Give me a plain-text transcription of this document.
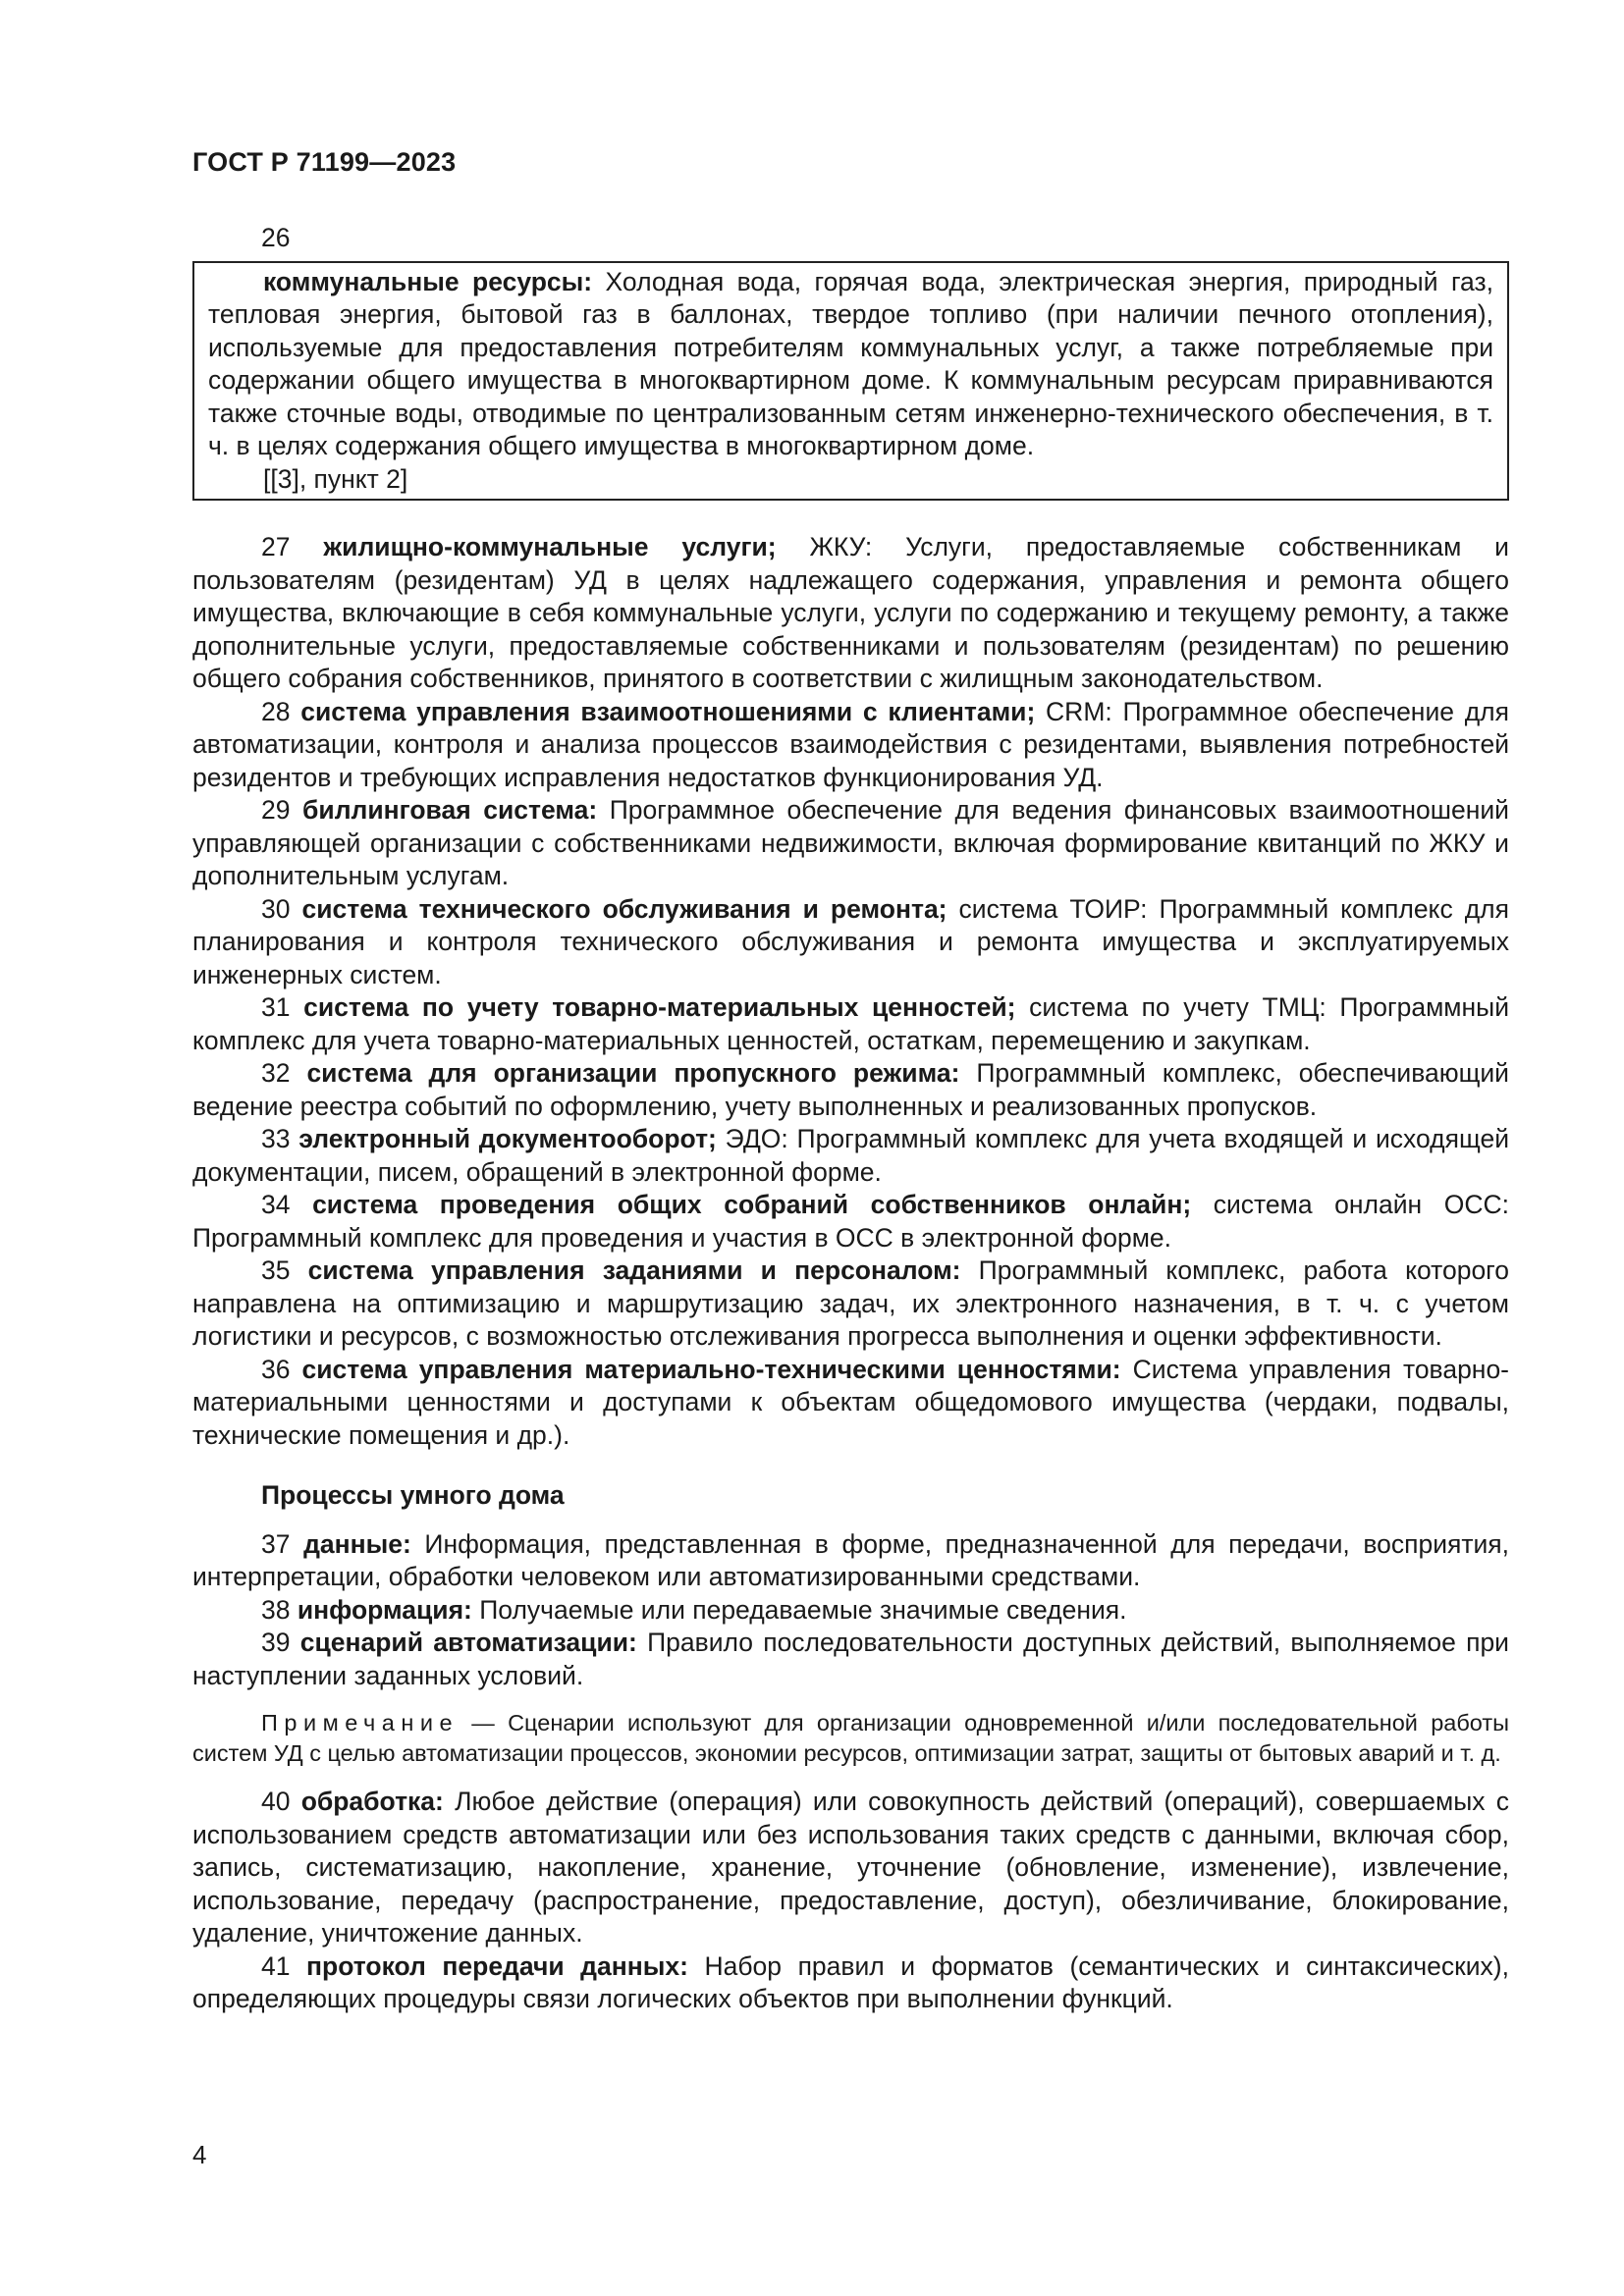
ГОСТ Р 71199—2023
26

коммунальные ресурсы: Холодная вода, горячая вода, электрическая энергия, природный газ, тепловая энергия, бытовой газ в баллонах, твердое топливо (при наличии печного отопления), используемые для предоставления потребителям коммунальных услуг, а также потребляемые при содержании общего имущества в многоквартирном доме. К коммунальным ресурсам приравниваются также сточные воды, отводимые по централизованным сетям инженерно-технического обеспечения, в т. ч. в целях содержания общего имущества в многоквартирном доме.

[[3], пункт 2]

27 жилищно-коммунальные услуги; ЖКУ: Услуги, предоставляемые собственникам и пользователям (резидентам) УД в целях надлежащего содержания, управления и ремонта общего имущества, включающие в себя коммунальные услуги, услуги по содержанию и текущему ремонту, а также дополнительные услуги, предоставляемые собственниками и пользователям (резидентам) по решению общего собрания собственников, принятого в соответствии с жилищным законодательством.

28 система управления взаимоотношениями с клиентами; CRM: Программное обеспечение для автоматизации, контроля и анализа процессов взаимодействия с резидентами, выявления потребностей резидентов и требующих исправления недостатков функционирования УД.

29 биллинговая система: Программное обеспечение для ведения финансовых взаимоотношений управляющей организации с собственниками недвижимости, включая формирование квитанций по ЖКУ и дополнительным услугам.

30 система технического обслуживания и ремонта; система ТОИР: Программный комплекс для планирования и контроля технического обслуживания и ремонта имущества и эксплуатируемых инженерных систем.

31 система по учету товарно-материальных ценностей; система по учету ТМЦ: Программный комплекс для учета товарно-материальных ценностей, остаткам, перемещению и закупкам.

32 система для организации пропускного режима: Программный комплекс, обеспечивающий ведение реестра событий по оформлению, учету выполненных и реализованных пропусков.

33 электронный документооборот; ЭДО: Программный комплекс для учета входящей и исходящей документации, писем, обращений в электронной форме.

34 система проведения общих собраний собственников онлайн; система онлайн ОСС: Программный комплекс для проведения и участия в ОСС в электронной форме.

35 система управления заданиями и персоналом: Программный комплекс, работа которого направлена на оптимизацию и маршрутизацию задач, их электронного назначения, в т. ч. с учетом логистики и ресурсов, с возможностью отслеживания прогресса выполнения и оценки эффективности.

36 система управления материально-техническими ценностями: Система управления товарно-материальными ценностями и доступами к объектам общедомового имущества (чердаки, подвалы, технические помещения и др.).

Процессы умного дома

37 данные: Информация, представленная в форме, предназначенной для передачи, восприятия, интерпретации, обработки человеком или автоматизированными средствами.

38 информация: Получаемые или передаваемые значимые сведения.

39 сценарий автоматизации: Правило последовательности доступных действий, выполняемое при наступлении заданных условий.

Примечание — Сценарии используют для организации одновременной и/или последовательной работы систем УД с целью автоматизации процессов, экономии ресурсов, оптимизации затрат, защиты от бытовых аварий и т. д.

40 обработка: Любое действие (операция) или совокупность действий (операций), совершаемых с использованием средств автоматизации или без использования таких средств с данными, включая сбор, запись, систематизацию, накопление, хранение, уточнение (обновление, изменение), извлечение, использование, передачу (распространение, предоставление, доступ), обезличивание, блокирование, удаление, уничтожение данных.

41 протокол передачи данных: Набор правил и форматов (семантических и синтаксических), определяющих процедуры связи логических объектов при выполнении функций.

4
